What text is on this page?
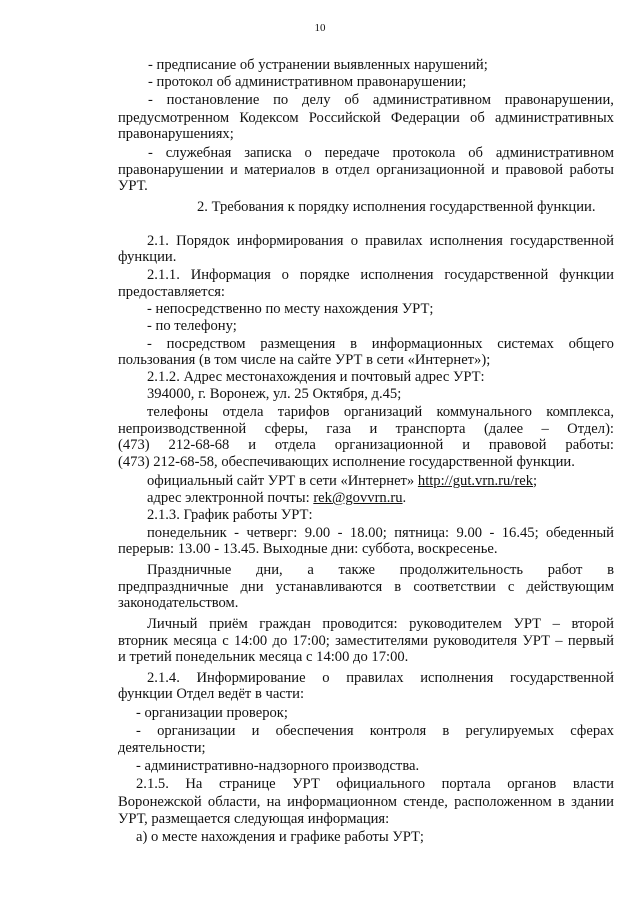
10
- предписание об устранении выявленных нарушений;
- протокол об административном правонарушении;
- постановление по делу об административном правонарушении,
предусмотренном Кодексом Российской Федерации об административных
правонарушениях;
- служебная записка о передаче протокола об административном
правонарушении и материалов в отдел организационной и правовой работы
УРТ.
2. Требования к порядку исполнения государственной функции.
2.1. Порядок информирования о правилах исполнения государственной
функции.
2.1.1. Информация о порядке исполнения государственной функции
предоставляется:
- непосредственно по месту нахождения УРТ;
- по телефону;
- посредством размещения в информационных системах общего
пользования (в том числе на сайте УРТ в сети «Интернет»);
2.1.2. Адрес местонахождения и почтовый адрес УРТ:
394000, г. Воронеж, ул. 25 Октября, д.45;
телефоны отдела тарифов организаций коммунального комплекса,
непроизводственной сферы, газа и транспорта (далее – Отдел):
(473) 212-68-68 и отдела организационной и правовой работы:
(473) 212-68-58, обеспечивающих исполнение государственной функции.
официальный сайт УРТ в сети «Интернет» http://gut.vrn.ru/rek;
адрес электронной почты: rek@govvrn.ru.
2.1.3. График работы УРТ:
понедельник - четверг: 9.00 - 18.00; пятница: 9.00 - 16.45; обеденный
перерыв: 13.00 - 13.45. Выходные дни: суббота, воскресенье.
Праздничные дни, а также продолжительность работ в
предпраздничные дни устанавливаются в соответствии с действующим
законодательством.
Личный приём граждан проводится: руководителем УРТ – второй
вторник месяца с 14:00 до 17:00; заместителями руководителя УРТ – первый
и третий понедельник месяца с 14:00 до 17:00.
2.1.4. Информирование о правилах исполнения государственной
функции Отдел ведёт в части:
- организации проверок;
- организации и обеспечения контроля в регулируемых сферах
деятельности;
- административно-надзорного производства.
2.1.5. На странице УРТ официального портала органов власти
Воронежской области, на информационном стенде, расположенном в здании
УРТ, размещается следующая информация:
а) о месте нахождения и графике работы УРТ;
